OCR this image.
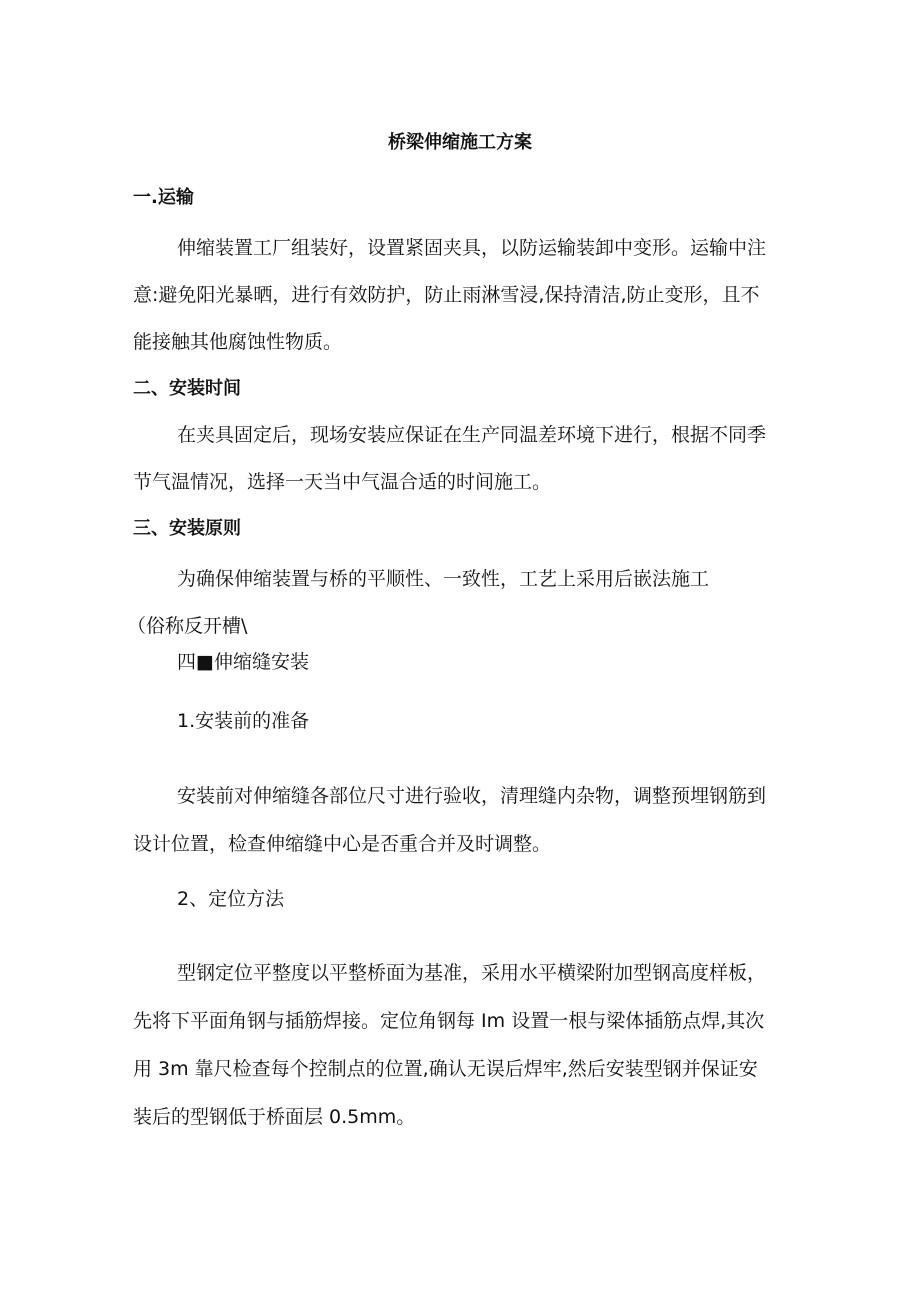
桥梁伸缩施工方案
一.运输
伸缩装置工厂组装好，设置紧固夹具，以防运输装卸中变形。运输中注
意:避免阳光暴晒，进行有效防护，防止雨淋雪浸,保持清洁,防止变形，且不
能接触其他腐蚀性物质。
二、安装时间
在夹具固定后，现场安装应保证在生产同温差环境下进行，根据不同季
节气温情况，选择一天当中气温合适的时间施工。
三、安装原则
为确保伸缩装置与桥的平顺性、一致性，工艺上采用后嵌法施工
（俗称反开槽\
四■伸缩缝安装
1.安装前的准备
安装前对伸缩缝各部位尺寸进行验收，清理缝内杂物，调整预埋钢筋到
设计位置，检查伸缩缝中心是否重合并及时调整。
2、定位方法
型钢定位平整度以平整桥面为基准，采用水平横梁附加型钢高度样板，
先将下平面角钢与插筋焊接。定位角钢每 Im 设置一根与梁体插筋点焊,其次
用 3m 靠尺检查每个控制点的位置,确认无误后焊牢,然后安装型钢并保证安
装后的型钢低于桥面层 0.5mm。
